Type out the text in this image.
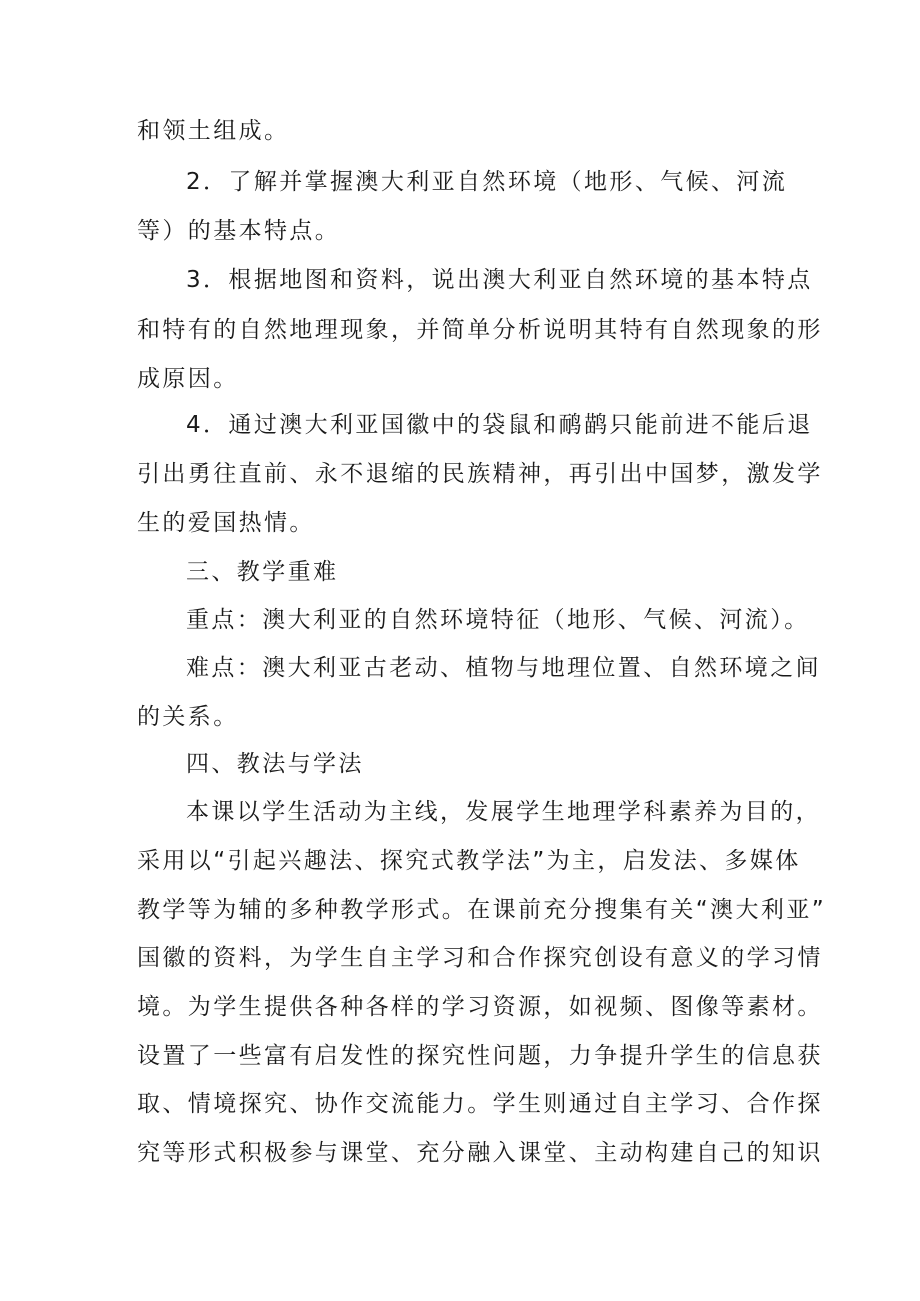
和领土组成。
2．了解并掌握澳大利亚自然环境（地形、气候、河流
等）的基本特点。
3．根据地图和资料，说出澳大利亚自然环境的基本特点
和特有的自然地理现象，并简单分析说明其特有自然现象的形
成原因。
4．通过澳大利亚国徽中的袋鼠和鸸鹋只能前进不能后退
引出勇往直前、永不退缩的民族精神，再引出中国梦，激发学
生的爱国热情。
三、教学重难
重点：澳大利亚的自然环境特征（地形、气候、河流）。
难点：澳大利亚古老动、植物与地理位置、自然环境之间
的关系。
四、教法与学法
本课以学生活动为主线，发展学生地理学科素养为目的，
采用以“引起兴趣法、探究式教学法”为主，启发法、多媒体
教学等为辅的多种教学形式。在课前充分搜集有关“澳大利亚”
国徽的资料，为学生自主学习和合作探究创设有意义的学习情
境。为学生提供各种各样的学习资源，如视频、图像等素材。
设置了一些富有启发性的探究性问题，力争提升学生的信息获
取、情境探究、协作交流能力。学生则通过自主学习、合作探
究等形式积极参与课堂、充分融入课堂、主动构建自己的知识
